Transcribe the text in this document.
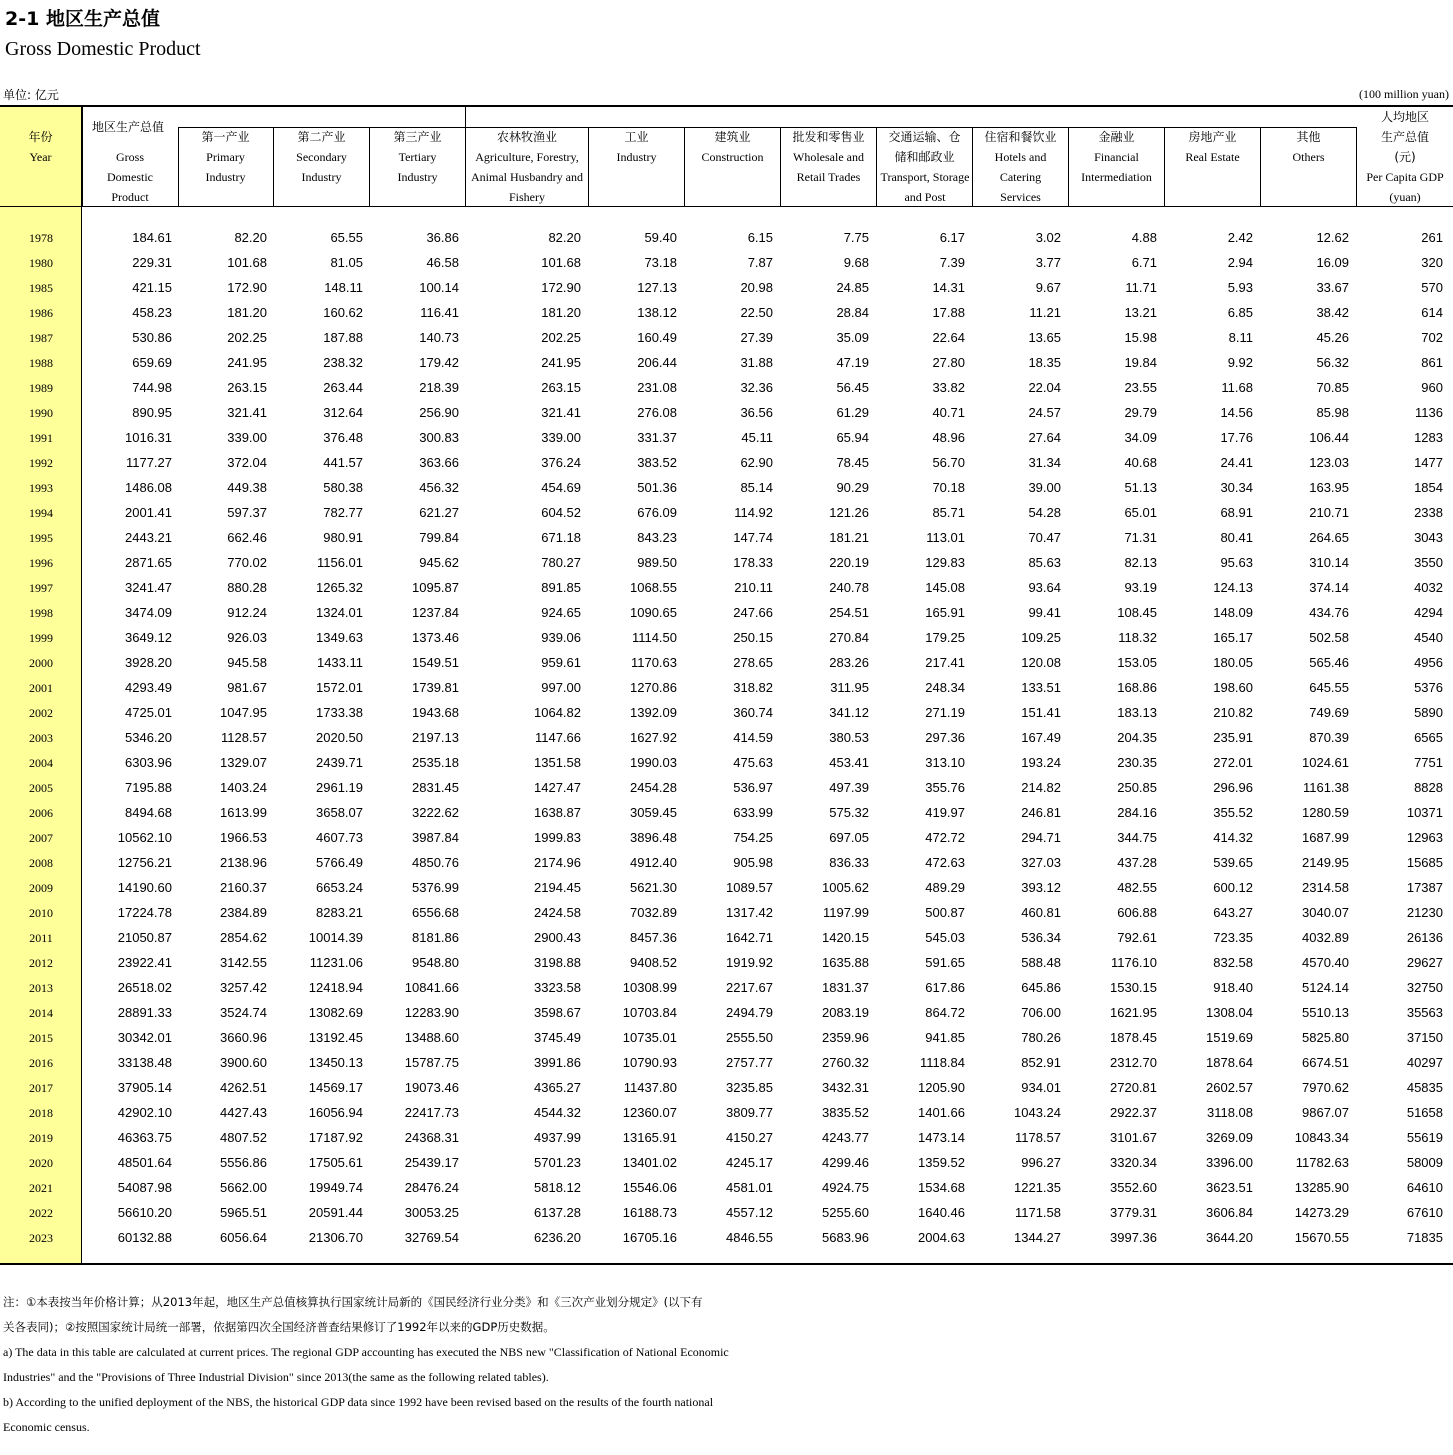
2-1 地区生产总值
Gross Domestic Product
单位: 亿元	(100 million yuan)
年份
Year
地区生产总值
Gross Domestic Product
第一产业
Primary Industry
第二产业
Secondary Industry
第三产业
Tertiary Industry
农林牧渔业
Agriculture, Forestry, Animal Husbandry and Fishery
工业
Industry
建筑业
Construction
批发和零售业
Wholesale and Retail Trades
交通运输、仓储和邮政业
Transport, Storage and Post
住宿和餐饮业
Hotels and Catering Services
金融业
Financial Intermediation
房地产业
Real Estate
其他
Others
人均地区生产总值 (元)
Per Capita GDP (yuan)
1978	184.61	82.20	65.55	36.86	82.20	59.40	6.15	7.75	6.17	3.02	4.88	2.42	12.62	261
1980	229.31	101.68	81.05	46.58	101.68	73.18	7.87	9.68	7.39	3.77	6.71	2.94	16.09	320
1985	421.15	172.90	148.11	100.14	172.90	127.13	20.98	24.85	14.31	9.67	11.71	5.93	33.67	570
1986	458.23	181.20	160.62	116.41	181.20	138.12	22.50	28.84	17.88	11.21	13.21	6.85	38.42	614
1987	530.86	202.25	187.88	140.73	202.25	160.49	27.39	35.09	22.64	13.65	15.98	8.11	45.26	702
1988	659.69	241.95	238.32	179.42	241.95	206.44	31.88	47.19	27.80	18.35	19.84	9.92	56.32	861
1989	744.98	263.15	263.44	218.39	263.15	231.08	32.36	56.45	33.82	22.04	23.55	11.68	70.85	960
1990	890.95	321.41	312.64	256.90	321.41	276.08	36.56	61.29	40.71	24.57	29.79	14.56	85.98	1136
1991	1016.31	339.00	376.48	300.83	339.00	331.37	45.11	65.94	48.96	27.64	34.09	17.76	106.44	1283
1992	1177.27	372.04	441.57	363.66	376.24	383.52	62.90	78.45	56.70	31.34	40.68	24.41	123.03	1477
1993	1486.08	449.38	580.38	456.32	454.69	501.36	85.14	90.29	70.18	39.00	51.13	30.34	163.95	1854
1994	2001.41	597.37	782.77	621.27	604.52	676.09	114.92	121.26	85.71	54.28	65.01	68.91	210.71	2338
1995	2443.21	662.46	980.91	799.84	671.18	843.23	147.74	181.21	113.01	70.47	71.31	80.41	264.65	3043
1996	2871.65	770.02	1156.01	945.62	780.27	989.50	178.33	220.19	129.83	85.63	82.13	95.63	310.14	3550
1997	3241.47	880.28	1265.32	1095.87	891.85	1068.55	210.11	240.78	145.08	93.64	93.19	124.13	374.14	4032
1998	3474.09	912.24	1324.01	1237.84	924.65	1090.65	247.66	254.51	165.91	99.41	108.45	148.09	434.76	4294
1999	3649.12	926.03	1349.63	1373.46	939.06	1114.50	250.15	270.84	179.25	109.25	118.32	165.17	502.58	4540
2000	3928.20	945.58	1433.11	1549.51	959.61	1170.63	278.65	283.26	217.41	120.08	153.05	180.05	565.46	4956
2001	4293.49	981.67	1572.01	1739.81	997.00	1270.86	318.82	311.95	248.34	133.51	168.86	198.60	645.55	5376
2002	4725.01	1047.95	1733.38	1943.68	1064.82	1392.09	360.74	341.12	271.19	151.41	183.13	210.82	749.69	5890
2003	5346.20	1128.57	2020.50	2197.13	1147.66	1627.92	414.59	380.53	297.36	167.49	204.35	235.91	870.39	6565
2004	6303.96	1329.07	2439.71	2535.18	1351.58	1990.03	475.63	453.41	313.10	193.24	230.35	272.01	1024.61	7751
2005	7195.88	1403.24	2961.19	2831.45	1427.47	2454.28	536.97	497.39	355.76	214.82	250.85	296.96	1161.38	8828
2006	8494.68	1613.99	3658.07	3222.62	1638.87	3059.45	633.99	575.32	419.97	246.81	284.16	355.52	1280.59	10371
2007	10562.10	1966.53	4607.73	3987.84	1999.83	3896.48	754.25	697.05	472.72	294.71	344.75	414.32	1687.99	12963
2008	12756.21	2138.96	5766.49	4850.76	2174.96	4912.40	905.98	836.33	472.63	327.03	437.28	539.65	2149.95	15685
2009	14190.60	2160.37	6653.24	5376.99	2194.45	5621.30	1089.57	1005.62	489.29	393.12	482.55	600.12	2314.58	17387
2010	17224.78	2384.89	8283.21	6556.68	2424.58	7032.89	1317.42	1197.99	500.87	460.81	606.88	643.27	3040.07	21230
2011	21050.87	2854.62	10014.39	8181.86	2900.43	8457.36	1642.71	1420.15	545.03	536.34	792.61	723.35	4032.89	26136
2012	23922.41	3142.55	11231.06	9548.80	3198.88	9408.52	1919.92	1635.88	591.65	588.48	1176.10	832.58	4570.40	29627
2013	26518.02	3257.42	12418.94	10841.66	3323.58	10308.99	2217.67	1831.37	617.86	645.86	1530.15	918.40	5124.14	32750
2014	28891.33	3524.74	13082.69	12283.90	3598.67	10703.84	2494.79	2083.19	864.72	706.00	1621.95	1308.04	5510.13	35563
2015	30342.01	3660.96	13192.45	13488.60	3745.49	10735.01	2555.50	2359.96	941.85	780.26	1878.45	1519.69	5825.80	37150
2016	33138.48	3900.60	13450.13	15787.75	3991.86	10790.93	2757.77	2760.32	1118.84	852.91	2312.70	1878.64	6674.51	40297
2017	37905.14	4262.51	14569.17	19073.46	4365.27	11437.80	3235.85	3432.31	1205.90	934.01	2720.81	2602.57	7970.62	45835
2018	42902.10	4427.43	16056.94	22417.73	4544.32	12360.07	3809.77	3835.52	1401.66	1043.24	2922.37	3118.08	9867.07	51658
2019	46363.75	4807.52	17187.92	24368.31	4937.99	13165.91	4150.27	4243.77	1473.14	1178.57	3101.67	3269.09	10843.34	55619
2020	48501.64	5556.86	17505.61	25439.17	5701.23	13401.02	4245.17	4299.46	1359.52	996.27	3320.34	3396.00	11782.63	58009
2021	54087.98	5662.00	19949.74	28476.24	5818.12	15546.06	4581.01	4924.75	1534.68	1221.35	3552.60	3623.51	13285.90	64610
2022	56610.20	5965.51	20591.44	30053.25	6137.28	16188.73	4557.12	5255.60	1640.46	1171.58	3779.31	3606.84	14273.29	67610
2023	60132.88	6056.64	21306.70	32769.54	6236.20	16705.16	4846.55	5683.96	2004.63	1344.27	3997.36	3644.20	15670.55	71835
注：①本表按当年价格计算；从2013年起，地区生产总值核算执行国家统计局新的《国民经济行业分类》和《三次产业划分规定》(以下有
关各表同)；②按照国家统计局统一部署，依据第四次全国经济普查结果修订了1992年以来的GDP历史数据。
a) The data in this table are calculated at current prices. The regional GDP accounting has executed the NBS new "Classification of National Economic
Industries" and the "Provisions of Three Industrial Division" since 2013(the same as the following related tables).
b) According to the unified deployment of the NBS, the historical GDP data since 1992 have been revised based on the results of the fourth national
Economic census.
